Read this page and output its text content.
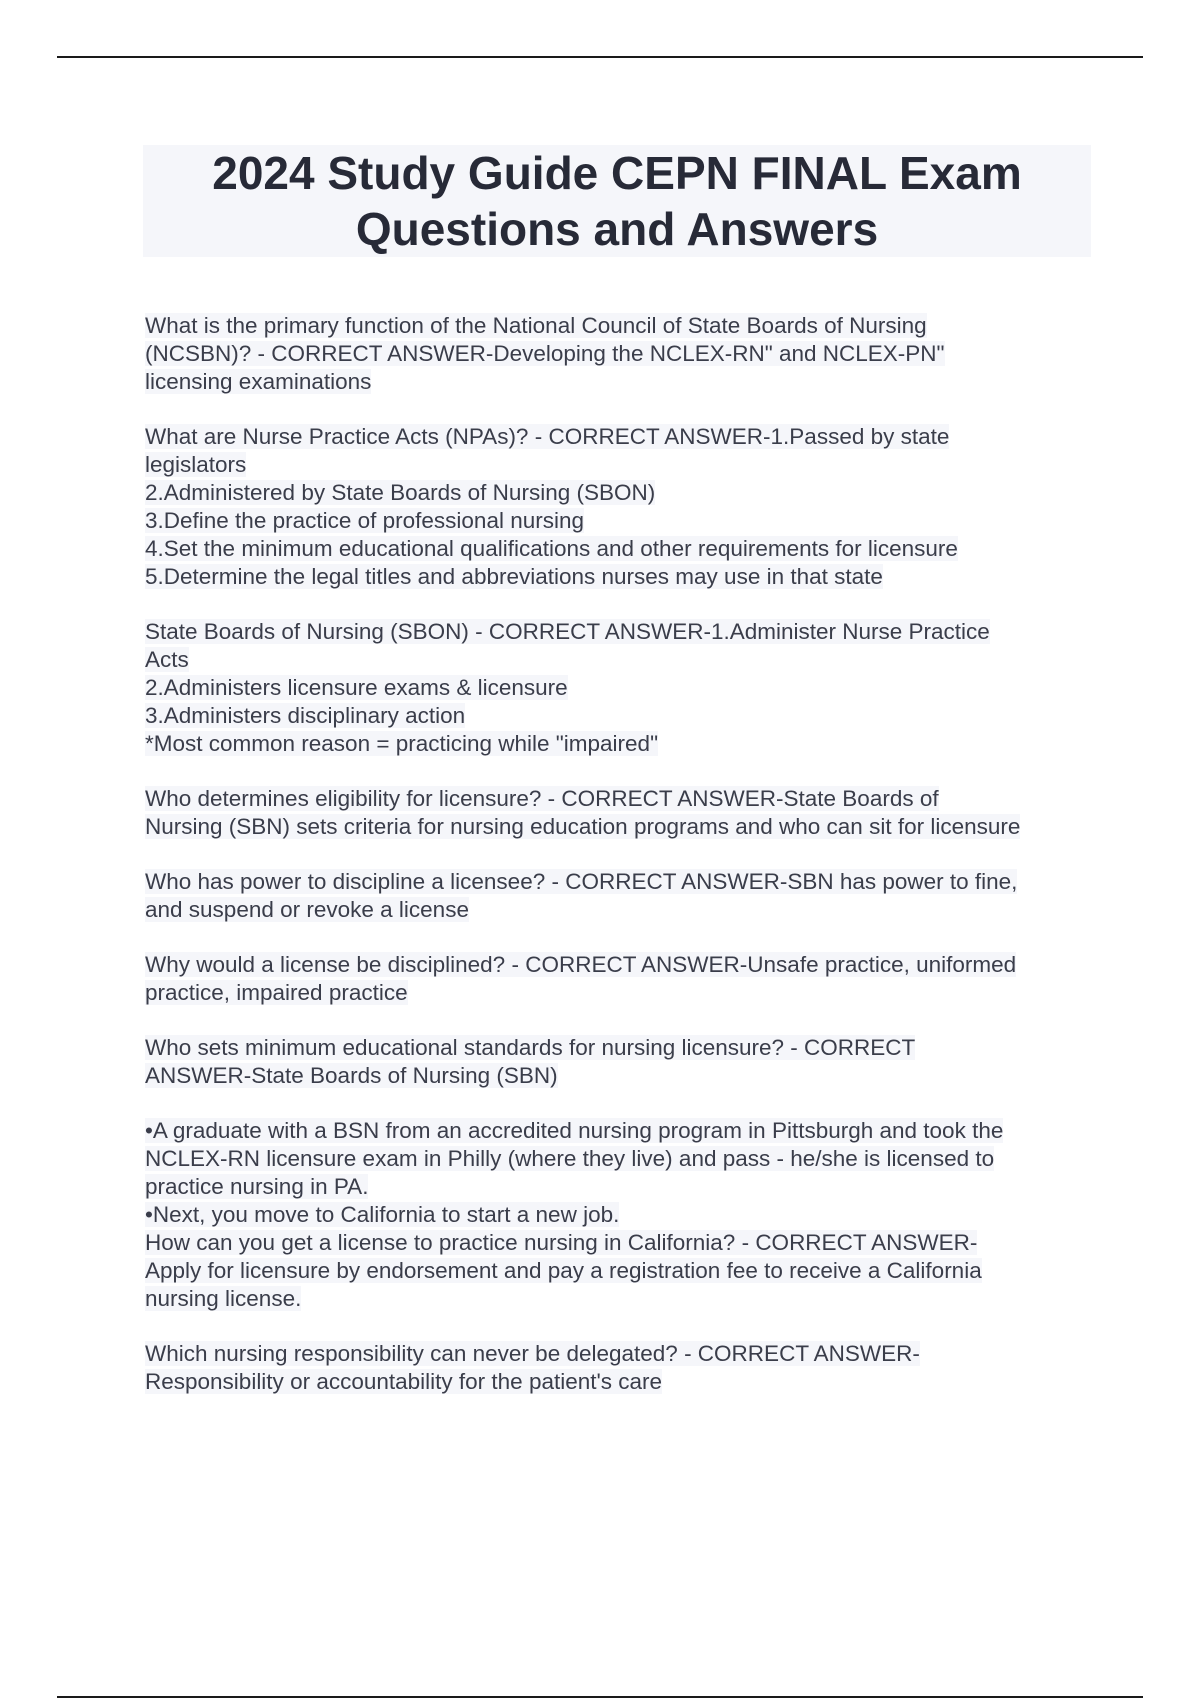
2024 Study Guide CEPN FINAL Exam
Questions and Answers
What is the primary function of the National Council of State Boards of Nursing
(NCSBN)? - CORRECT ANSWER-Developing the NCLEX-RN" and NCLEX-PN"
licensing examinations
What are Nurse Practice Acts (NPAs)? - CORRECT ANSWER-1.Passed by state
legislators
2.Administered by State Boards of Nursing (SBON)
3.Define the practice of professional nursing
4.Set the minimum educational qualifications and other requirements for licensure
5.Determine the legal titles and abbreviations nurses may use in that state
State Boards of Nursing (SBON) - CORRECT ANSWER-1.Administer Nurse Practice
Acts
2.Administers licensure exams & licensure
3.Administers disciplinary action
*Most common reason = practicing while "impaired"
Who determines eligibility for licensure? - CORRECT ANSWER-State Boards of
Nursing (SBN) sets criteria for nursing education programs and who can sit for licensure
Who has power to discipline a licensee? - CORRECT ANSWER-SBN has power to fine,
and suspend or revoke a license
Why would a license be disciplined? - CORRECT ANSWER-Unsafe practice, uniformed
practice, impaired practice
Who sets minimum educational standards for nursing licensure? - CORRECT
ANSWER-State Boards of Nursing (SBN)
•A graduate with a BSN from an accredited nursing program in Pittsburgh and took the
NCLEX-RN licensure exam in Philly (where they live) and pass - he/she is licensed to
practice nursing in PA.
•Next, you move to California to start a new job.
How can you get a license to practice nursing in California? - CORRECT ANSWER-
Apply for licensure by endorsement and pay a registration fee to receive a California
nursing license.
Which nursing responsibility can never be delegated? - CORRECT ANSWER-
Responsibility or accountability for the patient's care
